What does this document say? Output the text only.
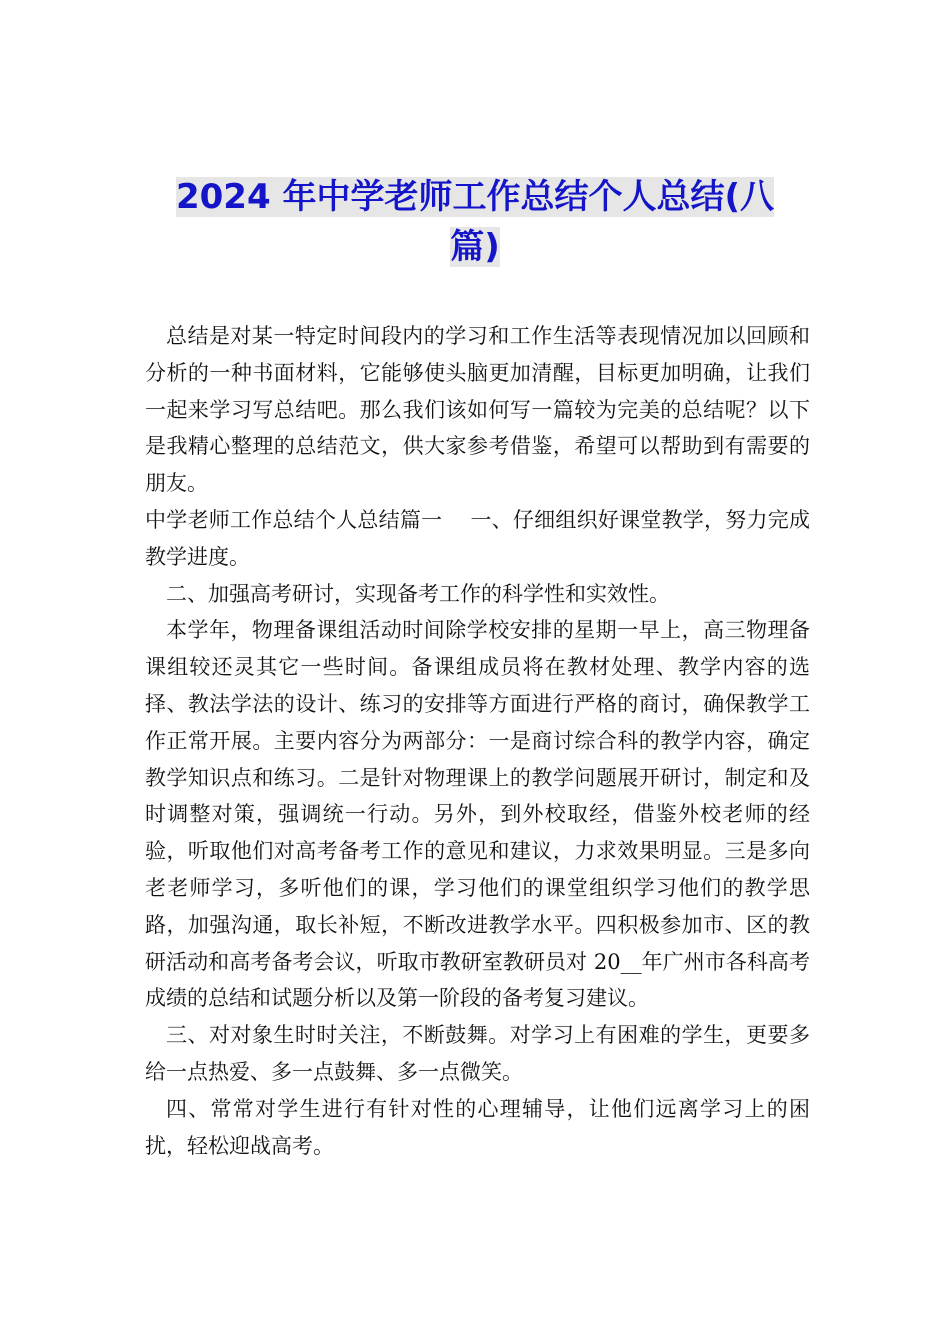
2024 年中学老师工作总结个人总结(八
篇)

总结是对某一特定时间段内的学习和工作生活等表现情况加以回顾和分析的一种书面材料，它能够使头脑更加清醒，目标更加明确，让我们一起来学习写总结吧。那么我们该如何写一篇较为完美的总结呢？以下是我精心整理的总结范文，供大家参考借鉴，希望可以帮助到有需要的朋友。

中学老师工作总结个人总结篇一　 一、仔细组织好课堂教学，努力完成教学进度。

二、加强高考研讨，实现备考工作的科学性和实效性。

本学年，物理备课组活动时间除学校安排的星期一早上，高三物理备课组较还灵其它一些时间。备课组成员将在教材处理、教学内容的选择、教法学法的设计、练习的安排等方面进行严格的商讨，确保教学工作正常开展。主要内容分为两部分：一是商讨综合科的教学内容，确定教学知识点和练习。二是针对物理课上的教学问题展开研讨，制定和及时调整对策，强调统一行动。另外，到外校取经，借鉴外校老师的经验，听取他们对高考备考工作的意见和建议，力求效果明显。三是多向老老师学习，多听他们的课，学习他们的课堂组织学习他们的教学思路，加强沟通，取长补短，不断改进教学水平。四积极参加市、区的教研活动和高考备考会议，听取市教研室教研员对 20__年广州市各科高考成绩的总结和试题分析以及第一阶段的备考复习建议。

三、对对象生时时关注，不断鼓舞。对学习上有困难的学生，更要多给一点热爱、多一点鼓舞、多一点微笑。

四、常常对学生进行有针对性的心理辅导，让他们远离学习上的困扰，轻松迎战高考。
